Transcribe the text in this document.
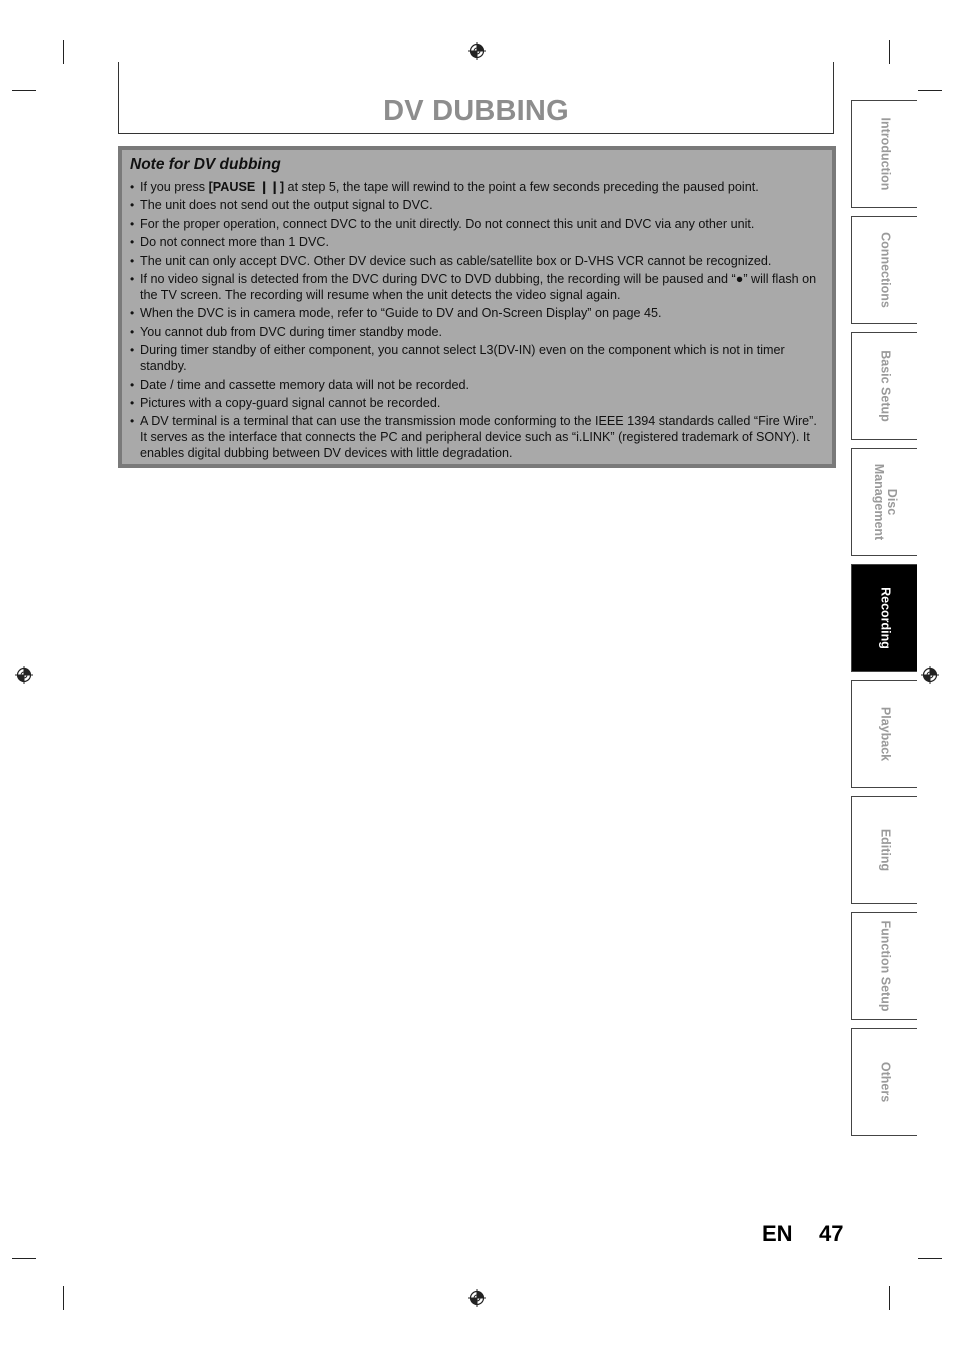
DV DUBBING
Note for DV dubbing
• If you press [PAUSE ❙❙] at step 5, the tape will rewind to the point a few seconds preceding the paused point.
• The unit does not send out the output signal to DVC.
• For the proper operation, connect DVC to the unit directly. Do not connect this unit and DVC via any other unit.
• Do not connect more than 1 DVC.
• The unit can only accept DVC. Other DV device such as cable/satellite box or D-VHS VCR cannot be recognized.
• If no video signal is detected from the DVC during DVC to DVD dubbing, the recording will be paused and “●” will flash on the TV screen. The recording will resume when the unit detects the video signal again.
• When the DVC is in camera mode, refer to “Guide to DV and On-Screen Display” on page 45.
• You cannot dub from DVC during timer standby mode.
• During timer standby of either component, you cannot select L3(DV-IN) even on the component which is not in timer standby.
• Date / time and cassette memory data will not be recorded.
• Pictures with a copy-guard signal cannot be recorded.
• A DV terminal is a terminal that can use the transmission mode conforming to the IEEE 1394 standards called “Fire Wire”. It serves as the interface that connects the PC and peripheral device such as “i.LINK” (registered trademark of SONY). It enables digital dubbing between DV devices with little degradation.
Introduction
Connections
Basic Setup
Disc
Management
Recording
Playback
Editing
Function Setup
Others
EN 47
